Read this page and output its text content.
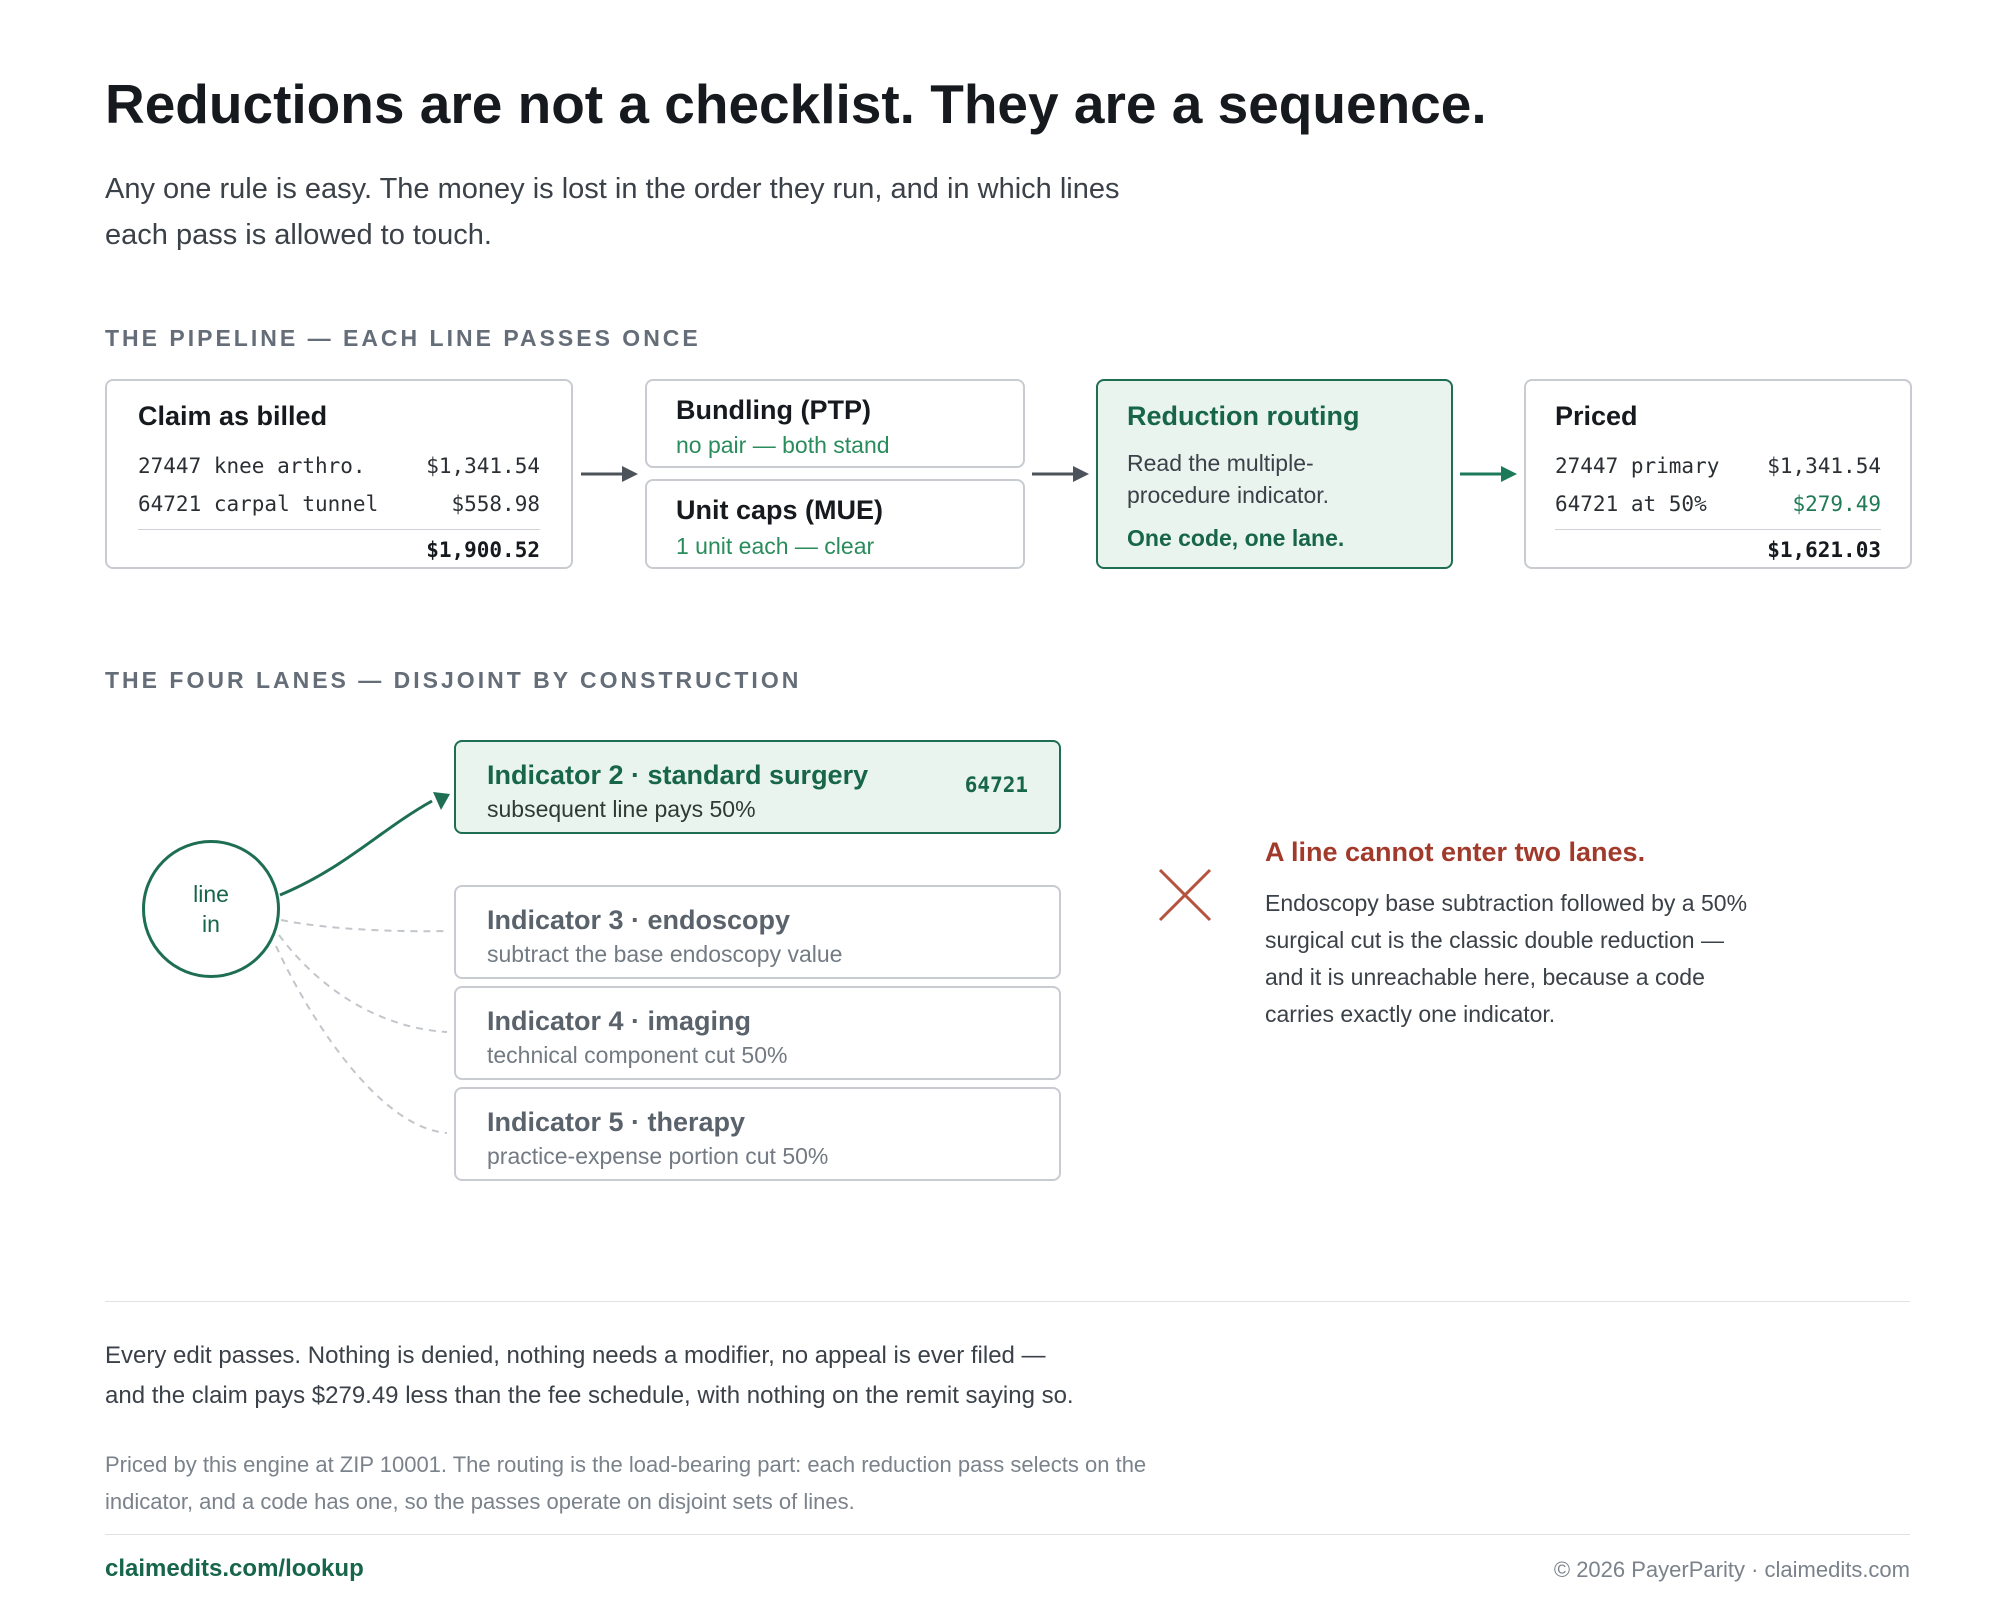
Reductions are not a checklist. They are a sequence.
Any one rule is easy. The money is lost in the order they run, and in which lines
each pass is allowed to touch.
THE PIPELINE — EACH LINE PASSES ONCE
Claim as billed
27447 knee arthro.	$1,341.54
64721 carpal tunnel	$558.98
$1,900.52
Bundling (PTP)
no pair — both stand
Unit caps (MUE)
1 unit each — clear
Reduction routing
Read the multiple-
procedure indicator.
One code, one lane.
Priced
27447 primary $1,341.54
64721 at 50%	$279.49
$1,621.03
THE FOUR LANES — DISJOINT BY CONSTRUCTION
line
in
Indicator 2 · standard surgery
subsequent line pays 50%
64721
Indicator 3 · endoscopy
subtract the base endoscopy value
Indicator 4 · imaging
technical component cut 50%
Indicator 5 · therapy
practice-expense portion cut 50%
A line cannot enter two lanes.
Endoscopy base subtraction followed by a 50%
surgical cut is the classic double reduction —
and it is unreachable here, because a code
carries exactly one indicator.
Every edit passes. Nothing is denied, nothing needs a modifier, no appeal is ever filed —
and the claim pays $279.49 less than the fee schedule, with nothing on the remit saying so.
Priced by this engine at ZIP 10001. The routing is the load-bearing part: each reduction pass selects on the
indicator, and a code has one, so the passes operate on disjoint sets of lines.
claimedits.com/lookup	© 2026 PayerParity · claimedits.com
